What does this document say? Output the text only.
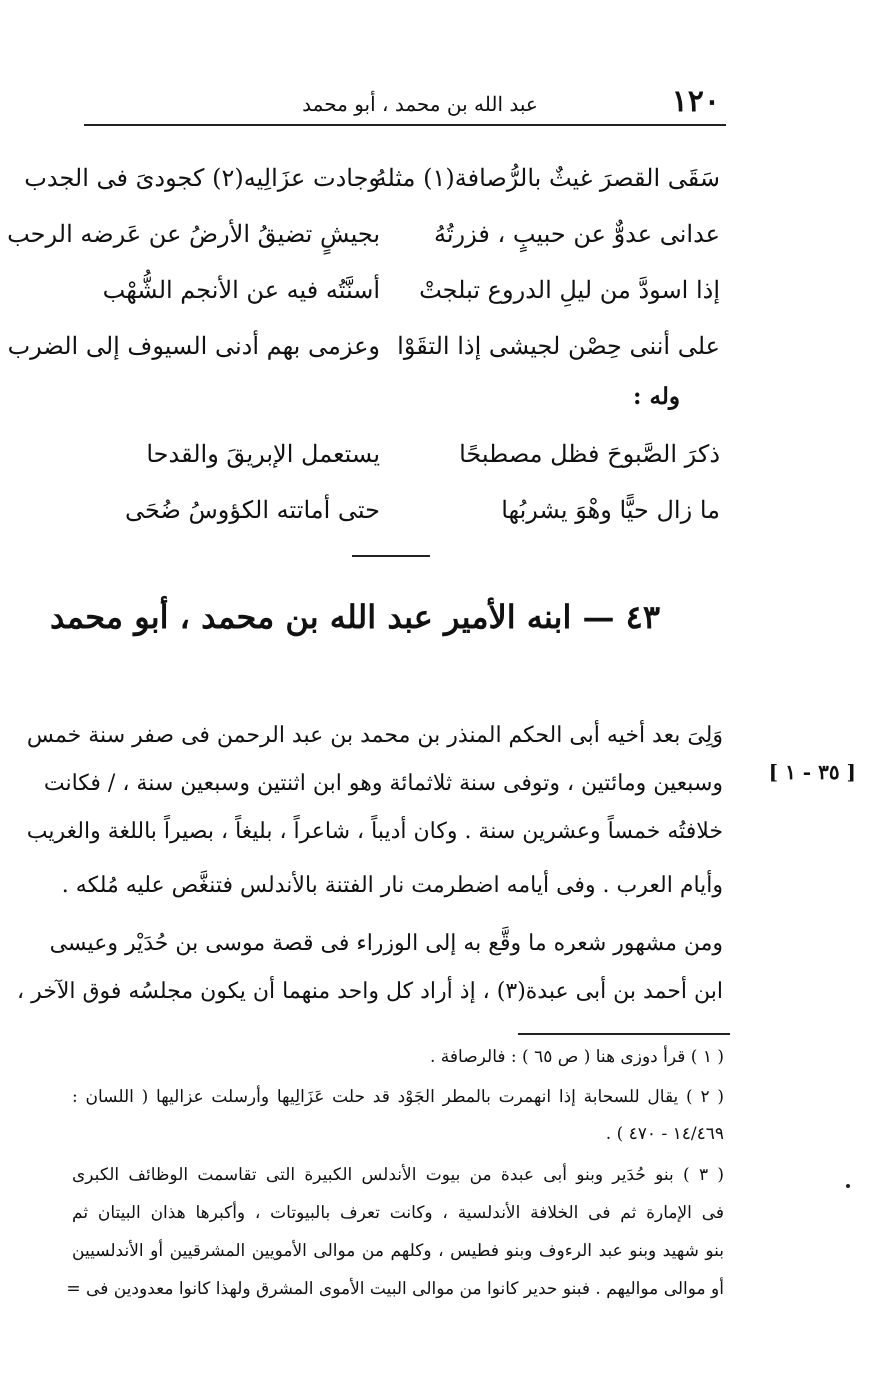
١٢٠
عبد الله بن محمد ، أبو محمد
سَقَى القصرَ غيثٌ بالرُّصافة(١) مثلهُ
وجادت عزَالِيه(٢) كجودىَ فى الجدب
عدانى عدوٌّ عن حبيبٍ ، فزرتُهُ
بجيشٍ تضيقُ الأرضُ عن عَرضه الرحب
إذا اسودَّ من ليلِ الدروع تبلجتْ
أسنَّتُه فيه عن الأنجم الشُّهْب
على أننى حِصْن لجيشى إذا التقَوْا
وعزمى بهم أدنى السيوف إلى الضرب
وله :
ذكرَ الصَّبوحَ فظل مصطبحًا
يستعمل الإبريقَ والقدحا
ما زال حيًّا وهْوَ يشربُها
حتى أماتته الكؤوسُ ضُحَى
٤٣ — ابنه الأمير عبد الله بن محمد ، أبو محمد
وَلِىَ بعد أخيه أبى الحكم المنذر بن محمد بن عبد الرحمن فى صفر سنة خمس
وسبعين ومائتين ، وتوفى سنة ثلاثمائة وهو ابن اثنتين وسبعين سنة ، / فكانت
خلافتُه خمساً وعشرين سنة . وكان أديباً ، شاعراً ، بليغاً ، بصيراً باللغة والغريب
وأيام العرب . وفى أيامه اضطرمت نار الفتنة بالأندلس فتنغَّص عليه مُلكه .
ومن مشهور شعره ما وقَّع به إلى الوزراء فى قصة موسى بن حُدَيْر وعيسى
ابن أحمد بن أبى عبدة(٣) ، إذ أراد كل واحد منهما أن يكون مجلسُه فوق الآخر ،
[ ٣٥ - ١ ]
( ١ ) قرأ دوزى هنا ( ص ٦٥ ) : فالرصافة .
( ٢ ) يقال للسحابة إذا انهمرت بالمطر الجَوْد قد حلت عَزَالِيها وأرسلت عزاليها ( اللسان :
١٤/٤٦٩ - ٤٧٠ ) .
( ٣ ) بنو حُدَير وبنو أبى عبدة من بيوت الأندلس الكبيرة التى تقاسمت الوظائف الكبرى
فى الإمارة ثم فى الخلافة الأندلسية ، وكانت تعرف بالبيوتات ، وأكبرها هذان البيتان ثم
بنو شهيد وبنو عبد الرءوف وبنو فطيس ، وكلهم من موالى الأمويين المشرقيين أو الأندلسيين
أو موالى مواليهم . فبنو حدير كانوا من موالى البيت الأموى المشرق ولهذا كانوا معدودين فى =
